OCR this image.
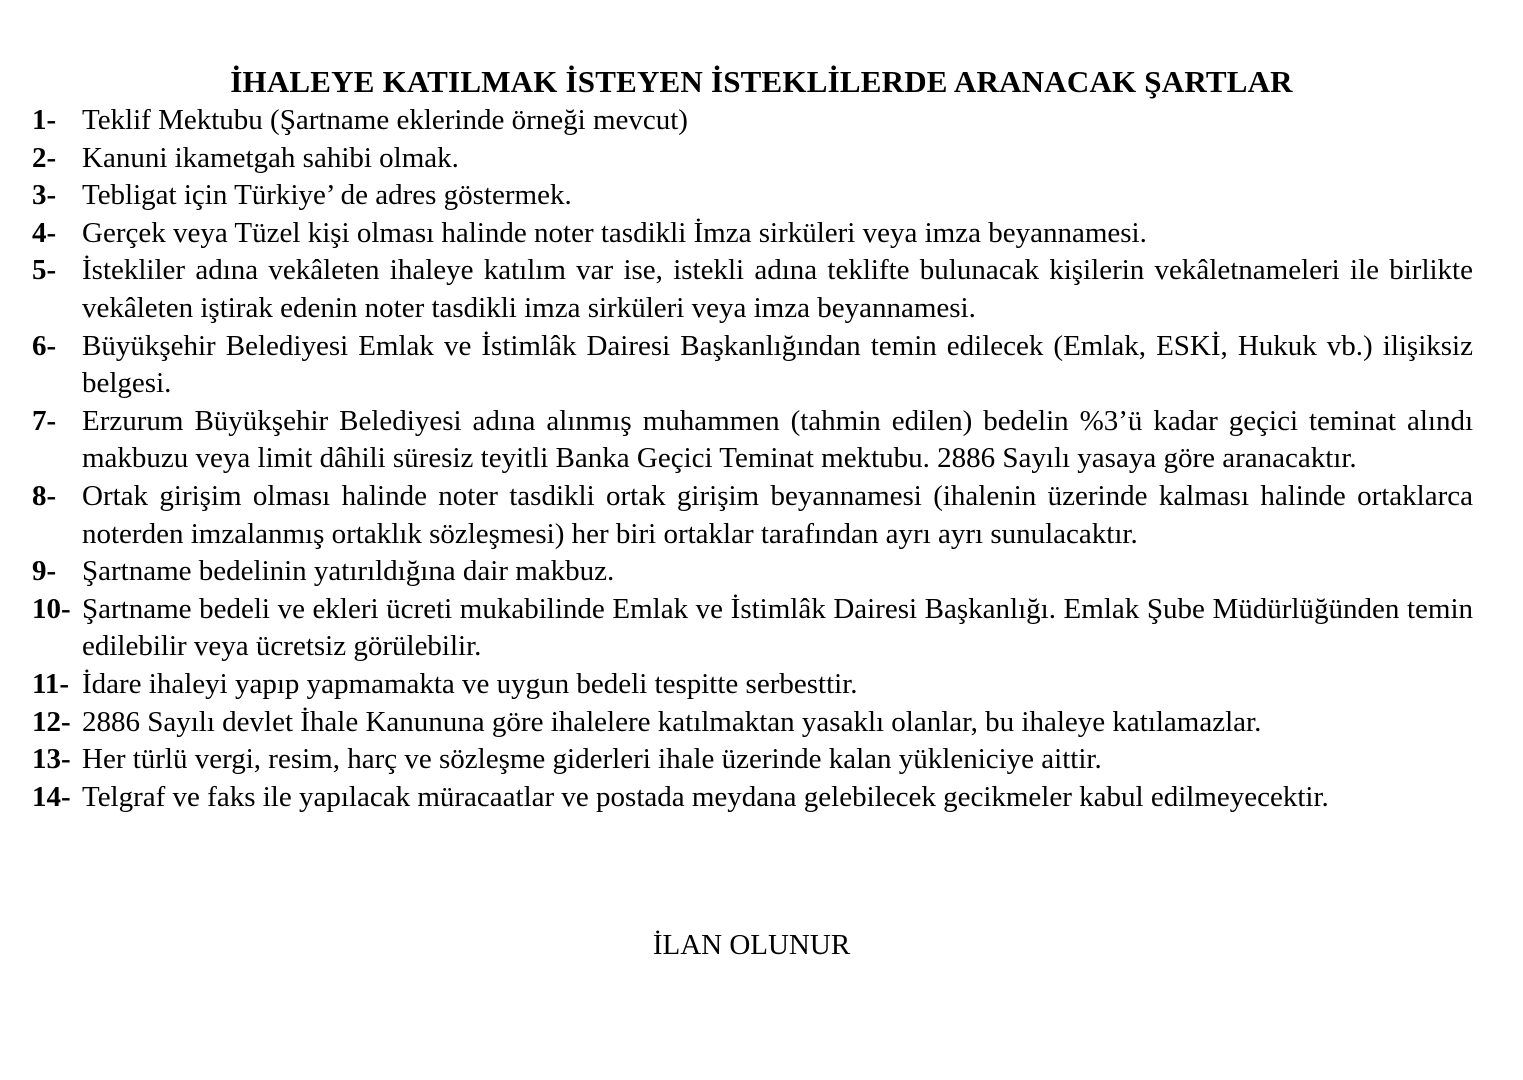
İHALEYE KATILMAK İSTEYEN İSTEKLİLERDE ARANACAK ŞARTLAR
1- Teklif Mektubu (Şartname eklerinde örneği mevcut)
2- Kanuni ikametgah sahibi olmak.
3- Tebligat için Türkiye’ de adres göstermek.
4- Gerçek veya Tüzel kişi olması halinde noter tasdikli İmza sirküleri veya imza beyannamesi.
5- İstekliler adına vekâleten ihaleye katılım var ise, istekli adına teklifte bulunacak kişilerin vekâletnameleri ile birlikte vekâleten iştirak edenin noter tasdikli imza sirküleri veya imza beyannamesi.
6- Büyükşehir Belediyesi Emlak ve İstimlâk Dairesi Başkanlığından temin edilecek (Emlak, ESKİ, Hukuk vb.) ilişiksiz belgesi.
7- Erzurum Büyükşehir Belediyesi adına alınmış muhammen (tahmin edilen) bedelin %3’ü kadar geçici teminat alındı makbuzu veya limit dâhili süresiz teyitli Banka Geçici Teminat mektubu. 2886 Sayılı yasaya göre aranacaktır.
8- Ortak girişim olması halinde noter tasdikli ortak girişim beyannamesi (ihalenin üzerinde kalması halinde ortaklarca noterden imzalanmış ortaklık sözleşmesi) her biri ortaklar tarafından ayrı ayrı sunulacaktır.
9- Şartname bedelinin yatırıldığına dair makbuz.
10- Şartname bedeli ve ekleri ücreti mukabilinde Emlak ve İstimlâk Dairesi Başkanlığı. Emlak Şube Müdürlüğünden temin edilebilir veya ücretsiz görülebilir.
11- İdare ihaleyi yapıp yapmamakta ve uygun bedeli tespitte serbesttir.
12- 2886 Sayılı devlet İhale Kanununa göre ihalelere katılmaktan yasaklı olanlar, bu ihaleye katılamazlar.
13- Her türlü vergi, resim, harç ve sözleşme giderleri ihale üzerinde kalan yükleniciye aittir.
14- Telgraf ve faks ile yapılacak müracaatlar ve postada meydana gelebilecek gecikmeler kabul edilmeyecektir.

İLAN OLUNUR
